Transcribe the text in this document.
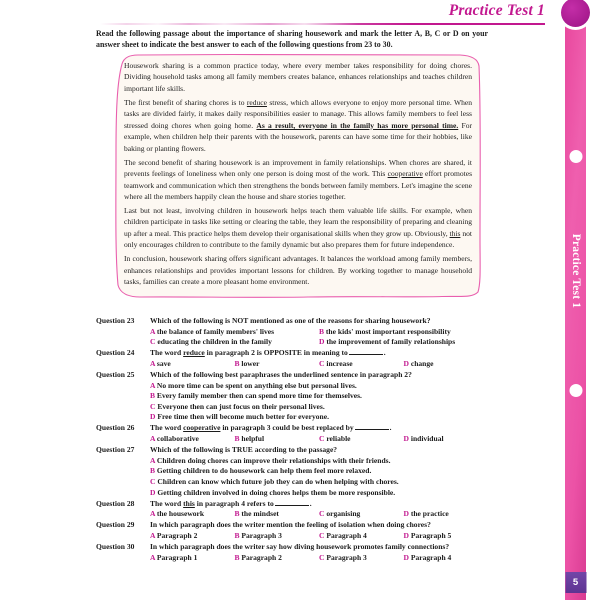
Practice Test 1
Read the following passage about the importance of sharing housework and mark the letter A, B, C or D on your answer sheet to indicate the best answer to each of the following questions from 23 to 30.

Housework sharing is a common practice today, where every member takes responsibility for doing chores. Dividing household tasks among all family members creates balance, enhances relationships and teaches children important life skills.

The first benefit of sharing chores is to reduce stress, which allows everyone to enjoy more personal time. When tasks are divided fairly, it makes daily responsibilities easier to manage. This allows family members to feel less stressed doing chores when going home. As a result, everyone in the family has more personal time. For example, when children help their parents with the housework, parents can have some time for their hobbies, like baking or planting flowers.

The second benefit of sharing housework is an improvement in family relationships. When chores are shared, it prevents feelings of loneliness when only one person is doing most of the work. This cooperative effort promotes teamwork and communication which then strengthens the bonds between family members. Let's imagine the scene where all the members happily clean the house and share stories together.

Last but not least, involving children in housework helps teach them valuable life skills. For example, when children participate in tasks like setting or clearing the table, they learn the responsibility of preparing and cleaning up after a meal. This practice helps them develop their organisational skills when they grow up. Obviously, this not only encourages children to contribute to the family dynamic but also prepares them for future independence.

In conclusion, housework sharing offers significant advantages. It balances the workload among family members, enhances relationships and provides important lessons for children. By working together to manage household tasks, families can create a more pleasant home environment.

Question 23	Which of the following is NOT mentioned as one of the reasons for sharing housework?
A the balance of family members' lives	B the kids' most important responsibility
C educating the children in the family	D the improvement of family relationships
Question 24	The word reduce in paragraph 2 is OPPOSITE in meaning to	.
A save	B lower	C increase	D change
Question 25	Which of the following best paraphrases the underlined sentence in paragraph 2?
A No more time can be spent on anything else but personal lives.
B Every family member then can spend more time for themselves.
C Everyone then can just focus on their personal lives.
D Free time then will become much better for everyone.
Question 26	The word cooperative in paragraph 3 could be best replaced by	.
A collaborative	B helpful	C reliable	D individual
Question 27	Which of the following is TRUE according to the passage?
A Children doing chores can improve their relationships with their friends.
B Getting children to do housework can help them feel more relaxed.
C Children can know which future job they can do when helping with chores.
D Getting children involved in doing chores helps them be more responsible.
Question 28	The word this in paragraph 4 refers to	.
A the housework	B the mindset	C organising	D the practice
Question 29	In which paragraph does the writer mention the feeling of isolation when doing chores?
A Paragraph 2	B Paragraph 3	C Paragraph 4	D Paragraph 5
Question 30	In which paragraph does the writer say how diving housework promotes family connections?
A Paragraph 1	B Paragraph 2	C Paragraph 3	D Paragraph 4
Practice Test 1
5
